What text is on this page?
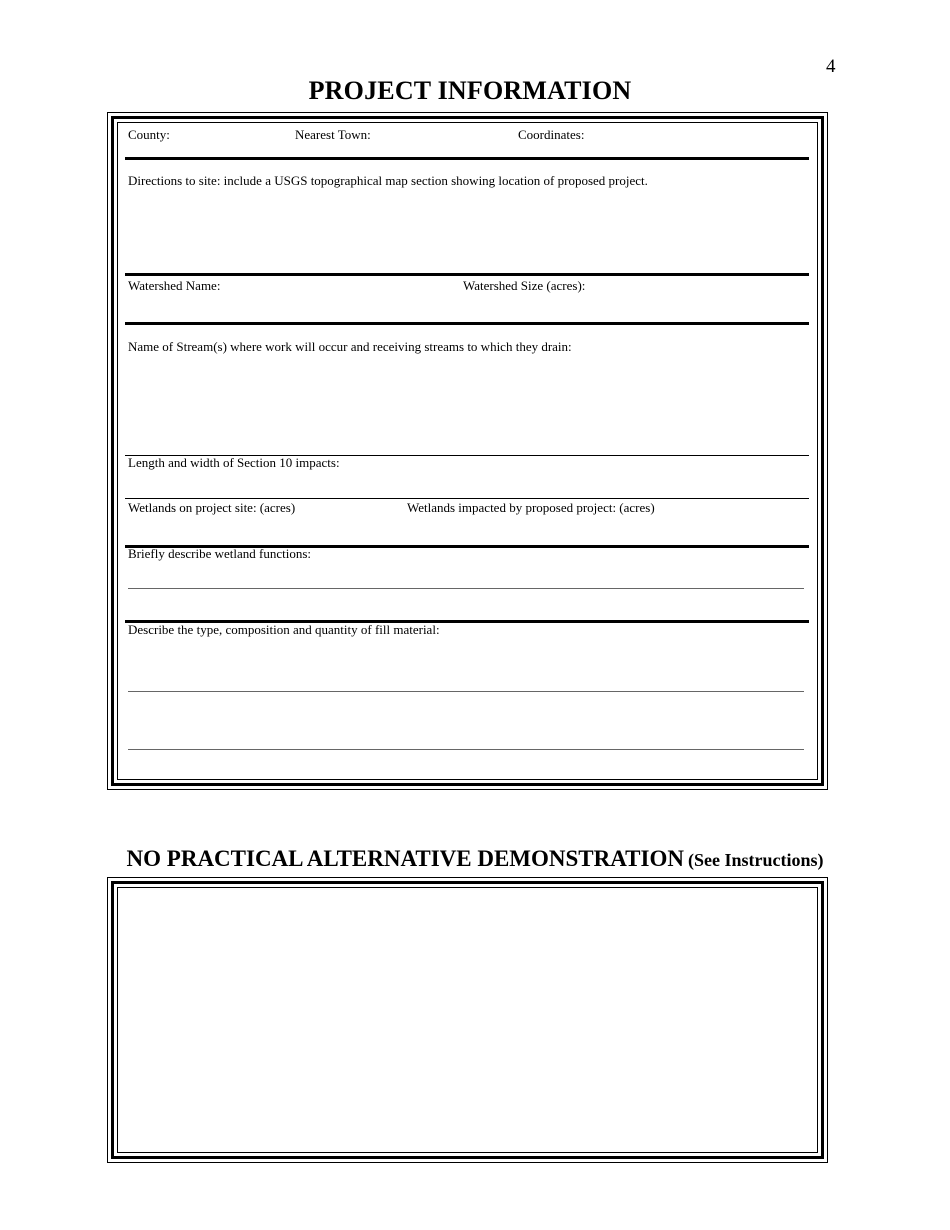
4
PROJECT INFORMATION
County:	Nearest Town:	Coordinates:
Directions to site: include a USGS topographical map section showing location of proposed project.
Watershed Name:	Watershed Size (acres):
Name of Stream(s) where work will occur and receiving streams to which they drain:
Length and width of Section 10 impacts:
Wetlands on project site: (acres)	Wetlands impacted by proposed project: (acres)
Briefly describe wetland functions:
Describe the type, composition and quantity of fill material:
NO PRACTICAL ALTERNATIVE DEMONSTRATION (See Instructions)
